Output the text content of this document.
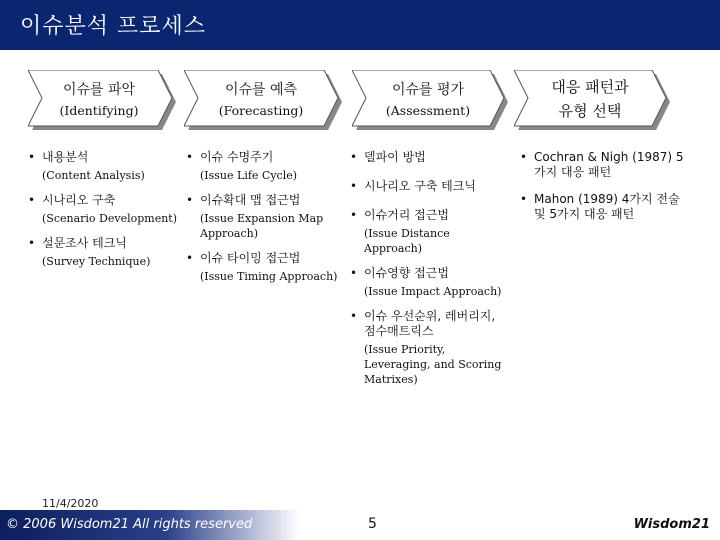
이슈분석 프로세스
이슈를 파악
(Identifying)
이슈를 예측
(Forecasting)
이슈를 평가
(Assessment)
대응 패턴과
유형 선택
• 내용분석
(Content Analysis)
• 시나리오 구축
(Scenario Development)
• 설문조사 테크닉
(Survey Technique)
• 이슈 수명주기
(Issue Life Cycle)
• 이슈확대 맵 접근법
(Issue Expansion Map Approach)
• 이슈 타이밍 접근법
(Issue Timing Approach)
• 델파이 방법
• 시나리오 구축 테크닉
• 이슈거리 접근법
(Issue Distance Approach)
• 이슈영향 접근법
(Issue Impact Approach)
• 이슈 우선순위, 레버리지, 점수매트릭스
(Issue Priority, Leveraging, and Scoring Matrixes)
• Cochran & Nigh (1987) 5가지 대응 패턴
• Mahon (1989) 4가지 전술 및 5가지 대응 패턴
11/4/2020
© 2006 Wisdom21 All rights reserved	5	Wisdom21
